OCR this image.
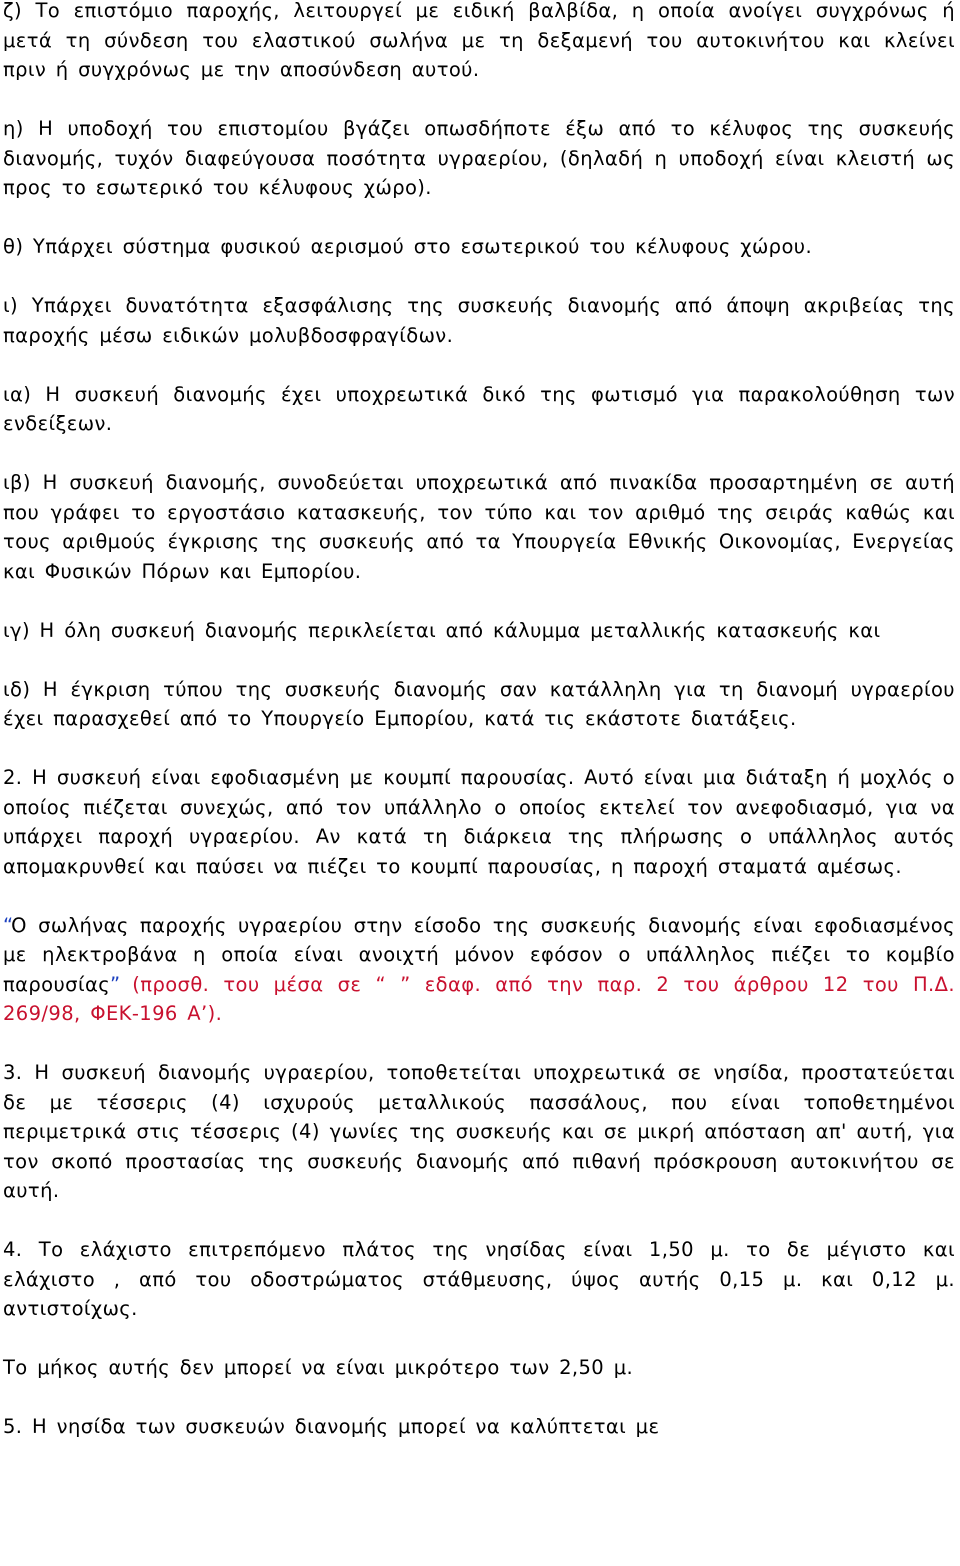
ζ) Το επιστόμιο παροχής, λειτουργεί με ειδική βαλβίδα, η οποία ανοίγει συγχρόνως ή μετά τη σύνδεση του ελαστικού σωλήνα με τη δεξαμενή του αυτοκινήτου και κλείνει πριν ή συγχρόνως με την αποσύνδεση αυτού.

η) Η υποδοχή του επιστομίου βγάζει οπωσδήποτε έξω από το κέλυφος της συσκευής διανομής, τυχόν διαφεύγουσα ποσότητα υγραερίου, (δηλαδή η υποδοχή είναι κλειστή ως προς το εσωτερικό του κέλυφους χώρο).

θ) Υπάρχει σύστημα φυσικού αερισμού στο εσωτερικού του κέλυφους χώρου.

ι) Υπάρχει δυνατότητα εξασφάλισης της συσκευής διανομής από άποψη ακριβείας της παροχής μέσω ειδικών μολυβδοσφραγίδων.

ια) Η συσκευή διανομής έχει υποχρεωτικά δικό της φωτισμό για παρακολούθηση των ενδείξεων.

ιβ) Η συσκευή διανομής, συνοδεύεται υποχρεωτικά από πινακίδα προσαρτημένη σε αυτή που γράφει το εργοστάσιο κατασκευής, τον τύπο και τον αριθμό της σειράς καθώς και τους αριθμούς έγκρισης της συσκευής από τα Υπουργεία Εθνικής Οικονομίας, Ενεργείας και Φυσικών Πόρων και Εμπορίου.

ιγ) Η όλη συσκευή διανομής περικλείεται από κάλυμμα μεταλλικής κατασκευής και

ιδ) Η έγκριση τύπου της συσκευής διανομής σαν κατάλληλη για τη διανομή υγραερίου έχει παρασχεθεί από το Υπουργείο Εμπορίου, κατά τις εκάστοτε διατάξεις.

2. Η συσκευή είναι εφοδιασμένη με κουμπί παρουσίας. Αυτό είναι μια διάταξη ή μοχλός ο οποίος πιέζεται συνεχώς, από τον υπάλληλο ο οποίος εκτελεί τον ανεφοδιασμό, για να υπάρχει παροχή υγραερίου. Αν κατά τη διάρκεια της πλήρωσης ο υπάλληλος αυτός απομακρυνθεί και παύσει να πιέζει το κουμπί παρουσίας, η παροχή σταματά αμέσως.

“Ο σωλήνας παροχής υγραερίου στην είσοδο της συσκευής διανομής είναι εφοδιασμένος με ηλεκτροβάνα η οποία είναι ανοιχτή μόνον εφόσον ο υπάλληλος πιέζει το κομβίο παρουσίας” (προσθ. του μέσα σε “ ” εδαφ. από την παρ. 2 του άρθρου 12 του Π.Δ. 269/98, ΦΕΚ-196 Α’).

3. Η συσκευή διανομής υγραερίου, τοποθετείται υποχρεωτικά σε νησίδα, προστατεύεται δε με τέσσερις (4) ισχυρούς μεταλλικούς πασσάλους, που είναι τοποθετημένοι περιμετρικά στις τέσσερις (4) γωνίες της συσκευής και σε μικρή απόσταση απ' αυτή, για τον σκοπό προστασίας της συσκευής διανομής από πιθανή πρόσκρουση αυτοκινήτου σε αυτή.

4. Το ελάχιστο επιτρεπόμενο πλάτος της νησίδας είναι 1,50 μ. το δε μέγιστο και ελάχιστο , από του οδοστρώματος στάθμευσης, ύψος αυτής 0,15 μ. και 0,12 μ. αντιστοίχως.

Το μήκος αυτής δεν μπορεί να είναι μικρότερο των 2,50 μ.

5. Η νησίδα των συσκευών διανομής μπορεί να καλύπτεται με
